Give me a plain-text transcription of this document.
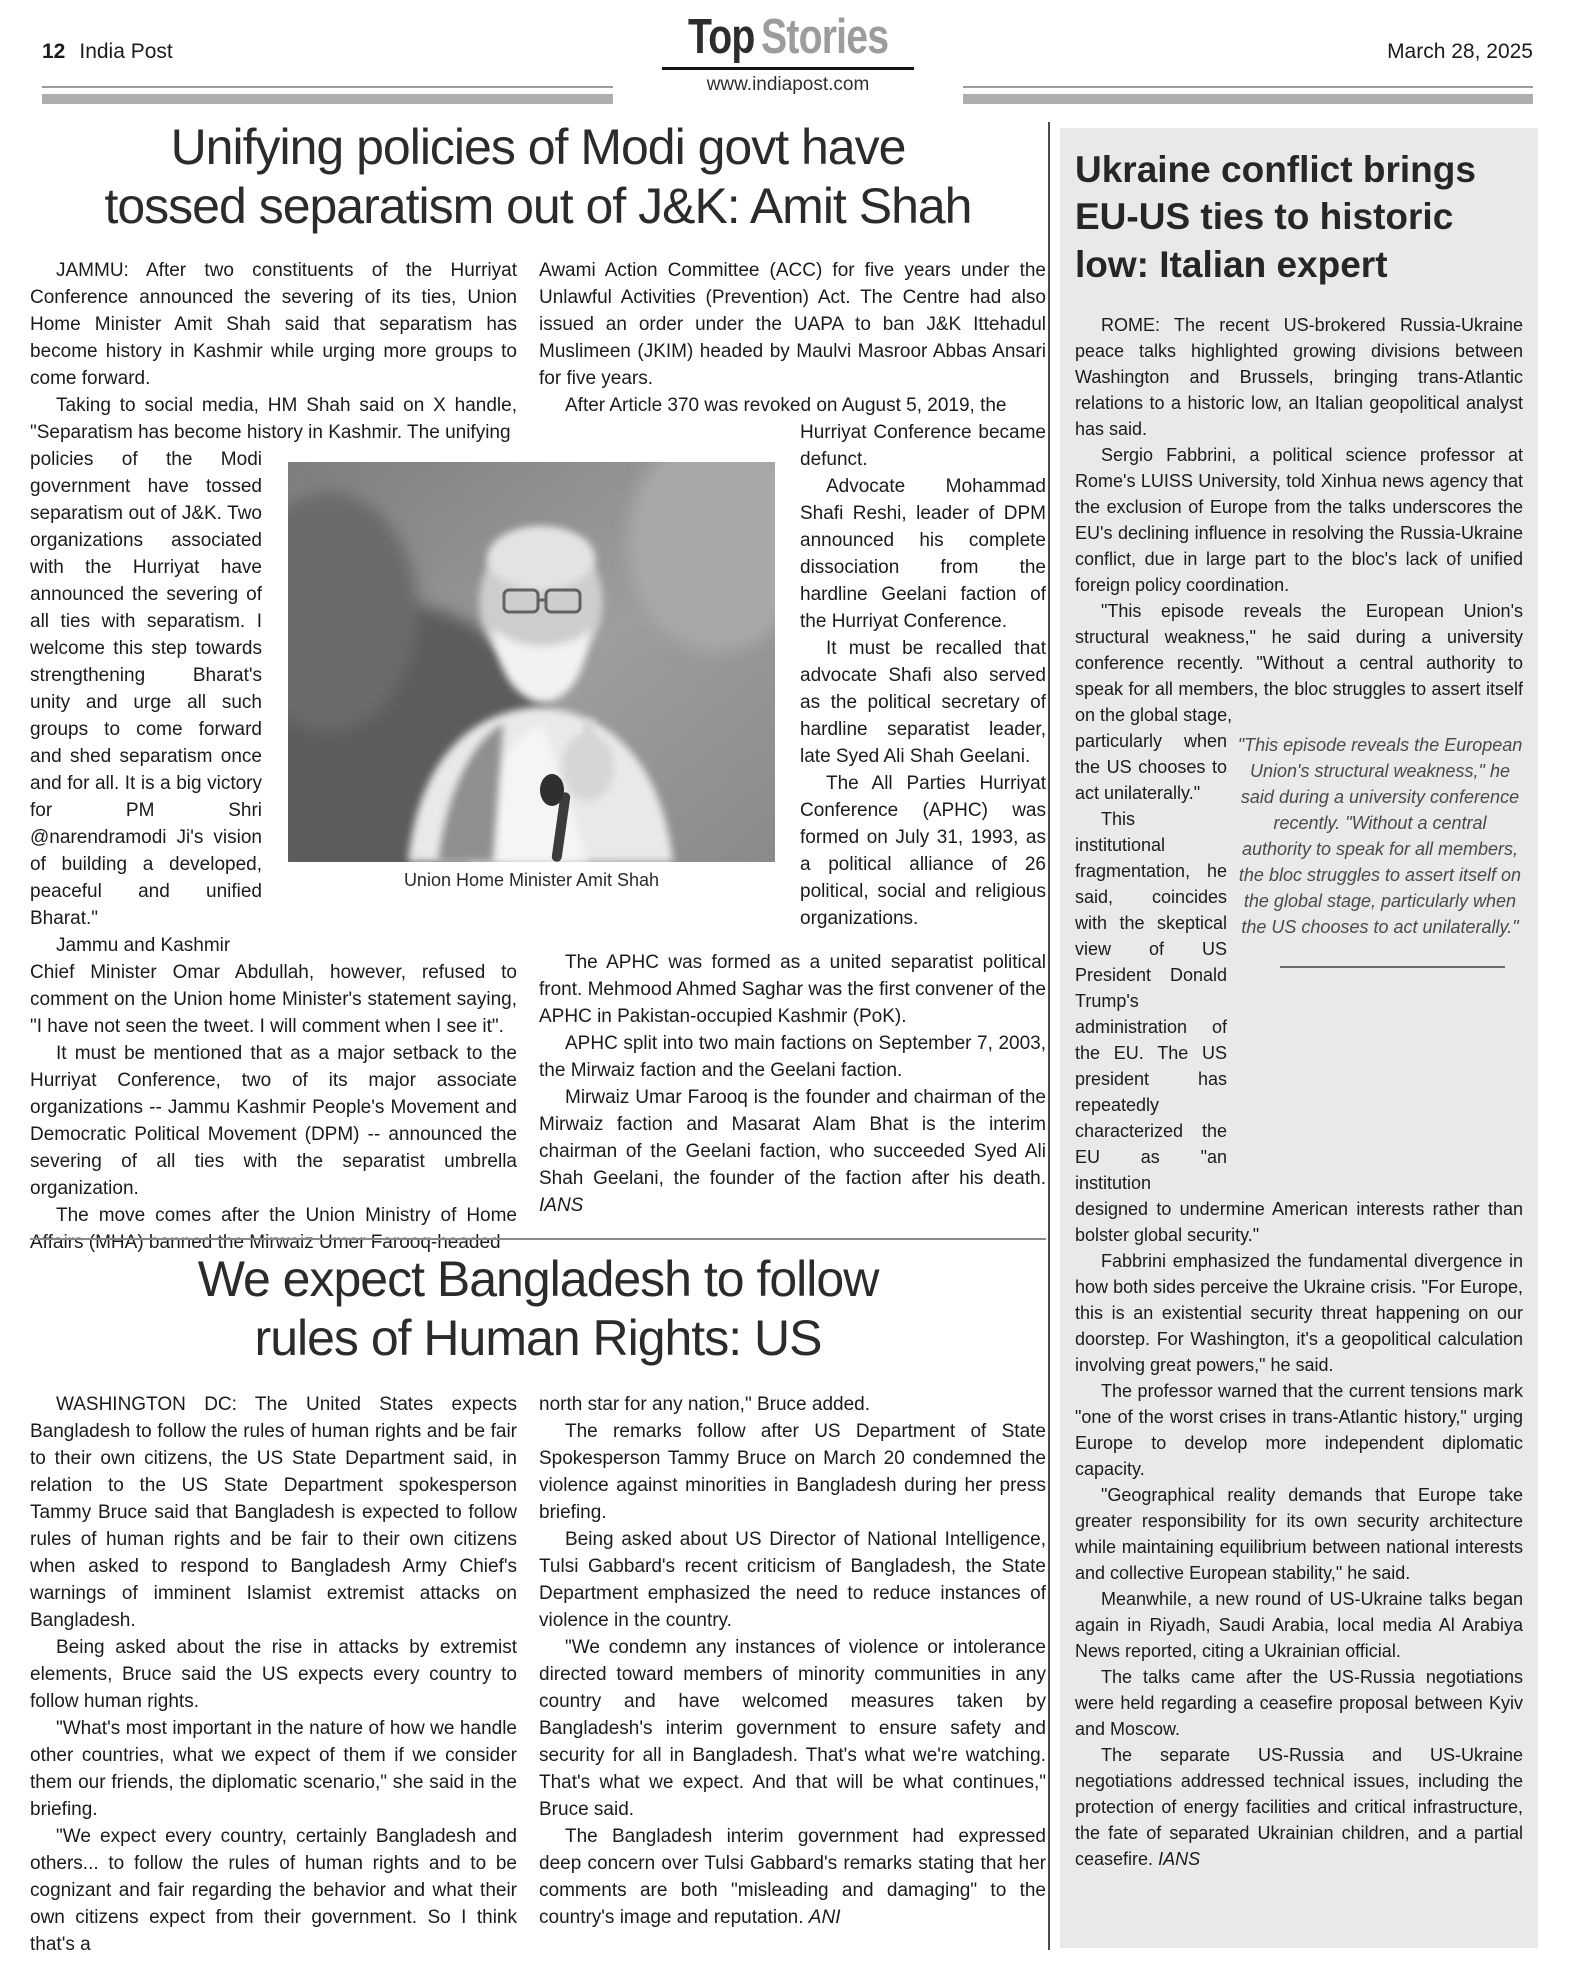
12 India Post	March 28, 2025
Top Stories
www.indiapost.com
Unifying policies of Modi govt have
tossed separatism out of J&K: Amit Shah

JAMMU: After two constituents of the Hurriyat Conference announced the severing of its ties, Union Home Minister Amit Shah said that separatism has become history in Kashmir while urging more groups to come forward.

Taking to social media, HM Shah said on X handle, "Separatism has become history in Kashmir. The unifying

policies of the Modi government have tossed separatism out of J&K. Two organizations associated with the Hurriyat have announced the severing of all ties with separatism. I welcome this step towards strengthening Bharat's unity and urge all such groups to come forward and shed separatism once and for all. It is a big victory for PM Shri @narendramodi Ji's vision of building a developed, peaceful and unified Bharat."

Jammu and Kashmir

Chief Minister Omar Abdullah, however, refused to comment on the Union home Minister's statement saying, "I have not seen the tweet. I will comment when I see it".

It must be mentioned that as a major setback to the Hurriyat Conference, two of its major associate organizations -- Jammu Kashmir People's Movement and Democratic Political Movement (DPM) -- announced the severing of all ties with the separatist umbrella organization.

The move comes after the Union Ministry of Home Affairs (MHA) banned the Mirwaiz Umer Farooq-headed

Awami Action Committee (ACC) for five years under the Unlawful Activities (Prevention) Act. The Centre had also issued an order under the UAPA to ban J&K Ittehadul Muslimeen (JKIM) headed by Maulvi Masroor Abbas Ansari for five years.

After Article 370 was revoked on August 5, 2019, the

Hurriyat Conference became defunct.

Advocate Mohammad Shafi Reshi, leader of DPM announced his complete dissociation from the hardline Geelani faction of the Hurriyat Conference.

It must be recalled that advocate Shafi also served as the political secretary of hardline separatist leader, late Syed Ali Shah Geelani.

The All Parties Hurriyat Conference (APHC) was formed on July 31, 1993, as a political alliance of 26 political, social and religious organizations.

The APHC was formed as a united separatist political front. Mehmood Ahmed Saghar was the first convener of the APHC in Pakistan-occupied Kashmir (PoK).

APHC split into two main factions on September 7, 2003, the Mirwaiz faction and the Geelani faction.

Mirwaiz Umar Farooq is the founder and chairman of the Mirwaiz faction and Masarat Alam Bhat is the interim chairman of the Geelani faction, who succeeded Syed Ali Shah Geelani, the founder of the faction after his death. IANS

Union Home Minister Amit Shah
Ukraine conflict brings EU-US ties to historic low: Italian expert

ROME: The recent US-brokered Russia-Ukraine peace talks highlighted growing divisions between Washington and Brussels, bringing trans-Atlantic relations to a historic low, an Italian geopolitical analyst has said.

Sergio Fabbrini, a political science professor at Rome's LUISS University, told Xinhua news agency that the exclusion of Europe from the talks underscores the EU's declining influence in resolving the Russia-Ukraine conflict, due in large part to the bloc's lack of unified foreign policy coordination.

"This episode reveals the European Union's structural weakness," he said during a university conference recently. "Without a central authority to speak for all members, the bloc struggles to assert itself on the global stage,

particularly when the US chooses to act unilaterally."

This institutional fragmentation, he said, coincides with the skeptical view of US President Donald Trump's administration of the EU. The US president has repeatedly characterized the EU as "an institution

"This episode reveals the European Union's structural weakness," he said during a university conference recently. "Without a central authority to speak for all members, the bloc struggles to assert itself on the global stage, particularly when the US chooses to act unilaterally."

designed to undermine American interests rather than bolster global security."

Fabbrini emphasized the fundamental divergence in how both sides perceive the Ukraine crisis. "For Europe, this is an existential security threat happening on our doorstep. For Washington, it's a geopolitical calculation involving great powers," he said.

The professor warned that the current tensions mark "one of the worst crises in trans-Atlantic history," urging Europe to develop more independent diplomatic capacity.

"Geographical reality demands that Europe take greater responsibility for its own security architecture while maintaining equilibrium between national interests and collective European stability," he said.

Meanwhile, a new round of US-Ukraine talks began again in Riyadh, Saudi Arabia, local media Al Arabiya News reported, citing a Ukrainian official.

The talks came after the US-Russia negotiations were held regarding a ceasefire proposal between Kyiv and Moscow.

The separate US-Russia and US-Ukraine negotiations addressed technical issues, including the protection of energy facilities and critical infrastructure, the fate of separated Ukrainian children, and a partial ceasefire. IANS

We expect Bangladesh to follow
rules of Human Rights: US

WASHINGTON DC: The United States expects Bangladesh to follow the rules of human rights and be fair to their own citizens, the US State Department said, in relation to the US State Department spokesperson Tammy Bruce said that Bangladesh is expected to follow rules of human rights and be fair to their own citizens when asked to respond to Bangladesh Army Chief's warnings of imminent Islamist extremist attacks on Bangladesh.

Being asked about the rise in attacks by extremist elements, Bruce said the US expects every country to follow human rights.

"What's most important in the nature of how we handle other countries, what we expect of them if we consider them our friends, the diplomatic scenario," she said in the briefing.

"We expect every country, certainly Bangladesh and others... to follow the rules of human rights and to be cognizant and fair regarding the behavior and what their own citizens expect from their government. So I think that's a

north star for any nation," Bruce added.

The remarks follow after US Department of State Spokesperson Tammy Bruce on March 20 condemned the violence against minorities in Bangladesh during her press briefing.

Being asked about US Director of National Intelligence, Tulsi Gabbard's recent criticism of Bangladesh, the State Department emphasized the need to reduce instances of violence in the country.

"We condemn any instances of violence or intolerance directed toward members of minority communities in any country and have welcomed measures taken by Bangladesh's interim government to ensure safety and security for all in Bangladesh. That's what we're watching. That's what we expect. And that will be what continues," Bruce said.

The Bangladesh interim government had expressed deep concern over Tulsi Gabbard's remarks stating that her comments are both "misleading and damaging" to the country's image and reputation. ANI
